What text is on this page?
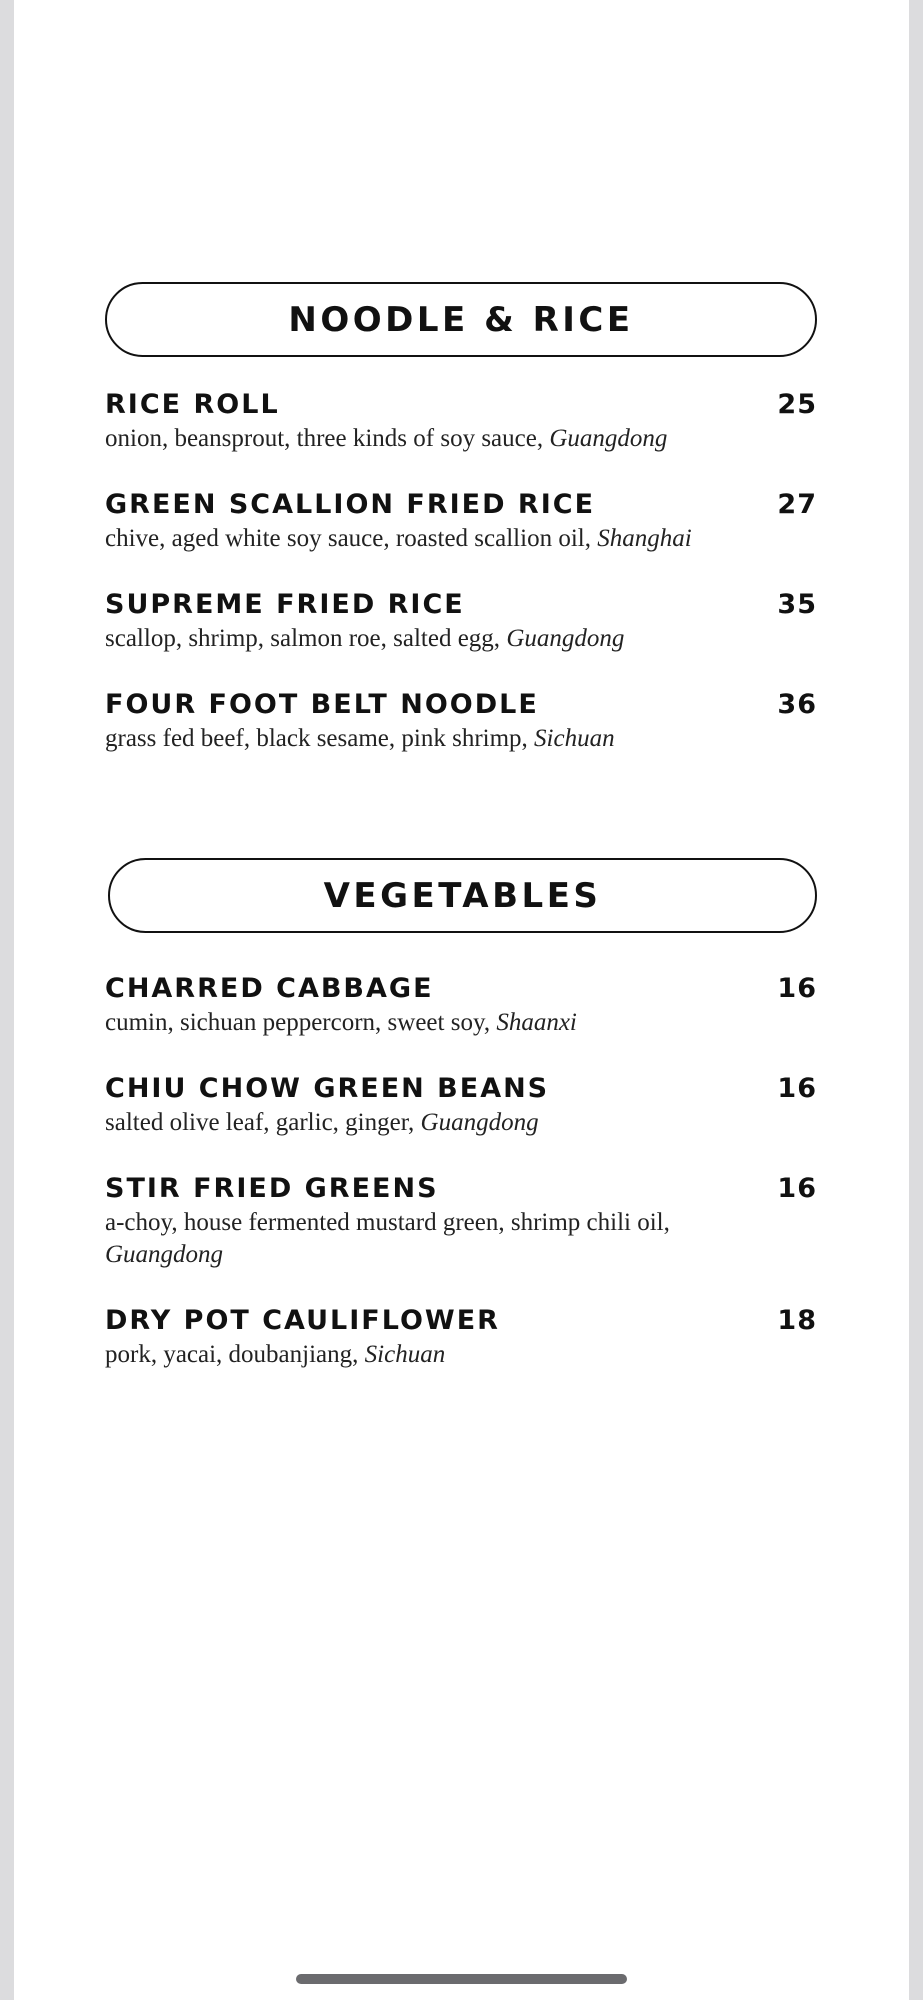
NOODLE & RICE
RICE ROLL	25
onion, beansprout, three kinds of soy sauce, Guangdong
GREEN SCALLION FRIED RICE	27
chive, aged white soy sauce, roasted scallion oil, Shanghai
SUPREME FRIED RICE	35
scallop, shrimp, salmon roe, salted egg, Guangdong
FOUR FOOT BELT NOODLE	36
grass fed beef, black sesame, pink shrimp, Sichuan
VEGETABLES
CHARRED CABBAGE	16
cumin, sichuan peppercorn, sweet soy, Shaanxi
CHIU CHOW GREEN BEANS	16
salted olive leaf, garlic, ginger, Guangdong
STIR FRIED GREENS	16
a-choy, house fermented mustard green, shrimp chili oil, Guangdong
DRY POT CAULIFLOWER	18
pork, yacai, doubanjiang, Sichuan
